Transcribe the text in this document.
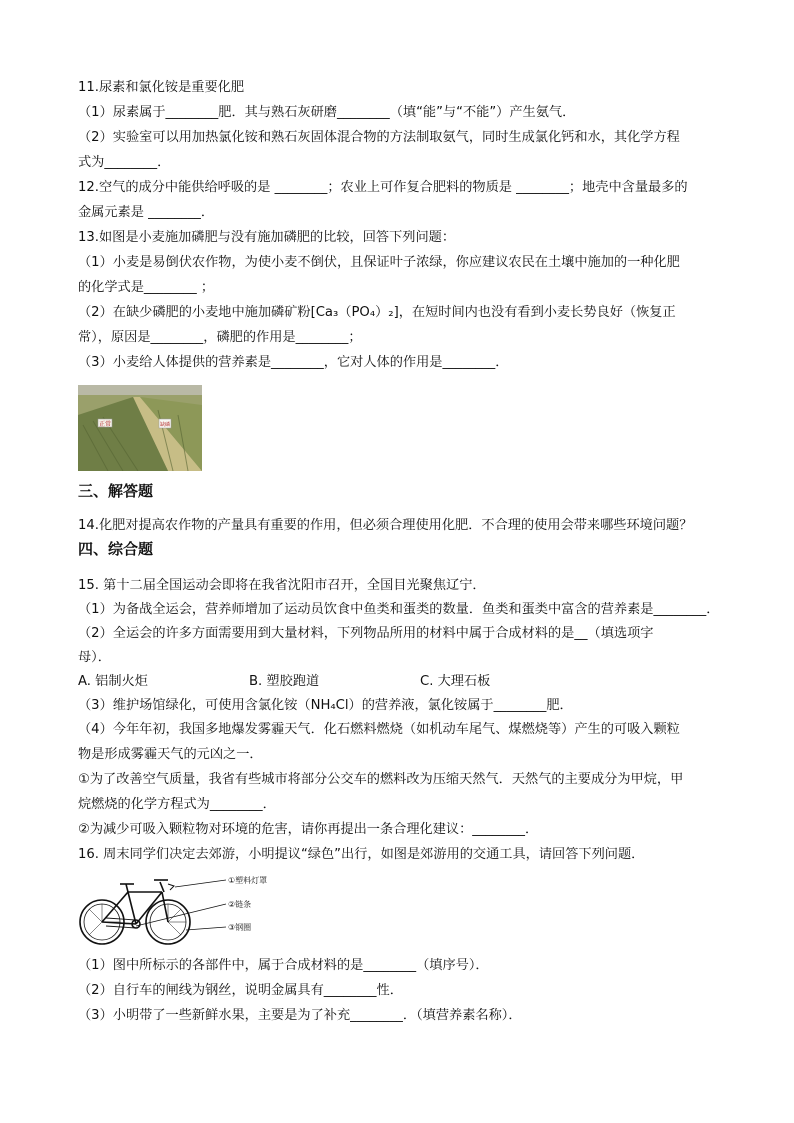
11.尿素和氯化铵是重要化肥
（1）尿素属于________肥．其与熟石灰研磨________（填“能”与“不能”）产生氨气．
（2）实验室可以用加热氯化铵和熟石灰固体混合物的方法制取氨气，同时生成氯化钙和水，其化学方程
式为________．
12.空气的成分中能供给呼吸的是 ________；农业上可作复合肥料的物质是 ________；地壳中含量最多的
金属元素是 ________．
13.如图是小麦施加磷肥与没有施加磷肥的比较，回答下列问题：
（1）小麦是易倒伏农作物，为使小麦不倒伏，且保证叶子浓绿，你应建议农民在土壤中施加的一种化肥
的化学式是________ ；
（2）在缺少磷肥的小麦地中施加磷矿粉[Ca₃（PO₄）₂]，在短时间内也没有看到小麦长势良好（恢复正
常），原因是________，磷肥的作用是________；
（3）小麦给人体提供的营养素是________，它对人体的作用是________．
正常	缺磷
三、解答题
14.化肥对提高农作物的产量具有重要的作用，但必须合理使用化肥．不合理的使用会带来哪些环境问题？
四、综合题
15. 第十二届全国运动会即将在我省沈阳市召开，全国目光聚焦辽宁．
（1）为备战全运会，营养师增加了运动员饮食中鱼类和蛋类的数量．鱼类和蛋类中富含的营养素是________．
（2）全运会的许多方面需要用到大量材料，下列物品所用的材料中属于合成材料的是__（填选项字
母）．
A. 铝制火炬	B. 塑胶跑道	C. 大理石板
（3）维护场馆绿化，可使用含氯化铵（NH₄Cl）的营养液，氯化铵属于________肥．
（4）今年年初，我国多地爆发雾霾天气．化石燃料燃烧（如机动车尾气、煤燃烧等）产生的可吸入颗粒
物是形成雾霾天气的元凶之一．
①为了改善空气质量，我省有些城市将部分公交车的燃料改为压缩天然气．天然气的主要成分为甲烷，甲
烷燃烧的化学方程式为________．
②为减少可吸入颗粒物对环境的危害，请你再提出一条合理化建议：________．
16. 周末同学们决定去郊游，小明提议“绿色”出行，如图是郊游用的交通工具，请回答下列问题．
①塑料灯罩
②链条
③钢圈
（1）图中所标示的各部件中，属于合成材料的是________（填序号）．
（2）自行车的闸线为钢丝，说明金属具有________性．
（3）小明带了一些新鲜水果，主要是为了补充________．（填营养素名称）．
